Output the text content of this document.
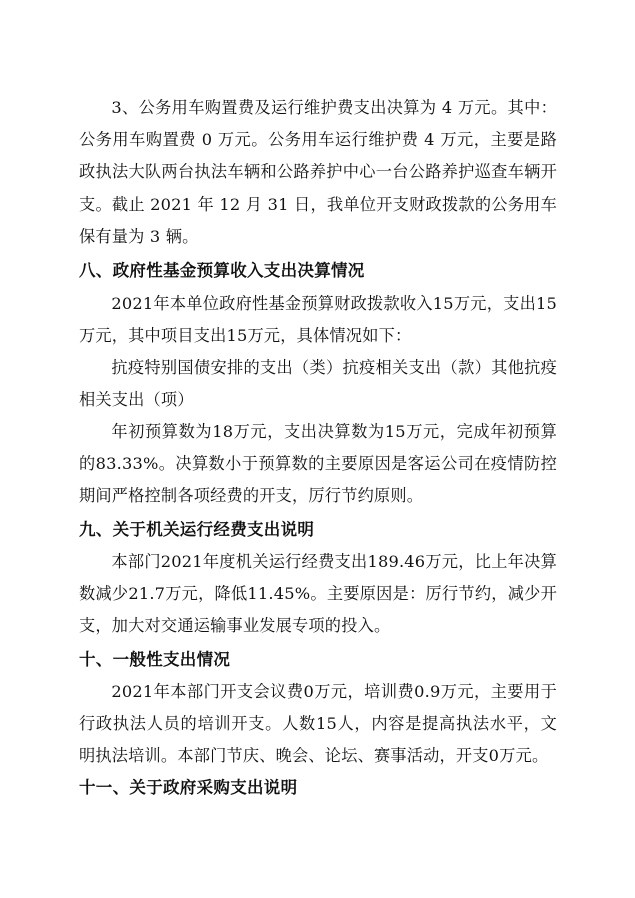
3、公务用车购置费及运行维护费支出决算为 4 万元。其中：公务用车购置费 0 万元。公务用车运行维护费 4 万元，主要是路政执法大队两台执法车辆和公路养护中心一台公路养护巡查车辆开支。截止 2021 年 12 月 31 日，我单位开支财政拨款的公务用车保有量为 3 辆。

八、政府性基金预算收入支出决算情况

2021年本单位政府性基金预算财政拨款收入15万元，支出15万元，其中项目支出15万元，具体情况如下：

抗疫特别国债安排的支出（类）抗疫相关支出（款）其他抗疫相关支出（项）

年初预算数为18万元，支出决算数为15万元，完成年初预算的83.33%。决算数小于预算数的主要原因是客运公司在疫情防控期间严格控制各项经费的开支，厉行节约原则。

九、关于机关运行经费支出说明

本部门2021年度机关运行经费支出189.46万元，比上年决算数减少21.7万元，降低11.45%。主要原因是：厉行节约，减少开支，加大对交通运输事业发展专项的投入。

十、一般性支出情况

2021年本部门开支会议费0万元，培训费0.9万元，主要用于行政执法人员的培训开支。人数15人，内容是提高执法水平，文明执法培训。本部门节庆、晚会、论坛、赛事活动，开支0万元。

十一、关于政府采购支出说明
